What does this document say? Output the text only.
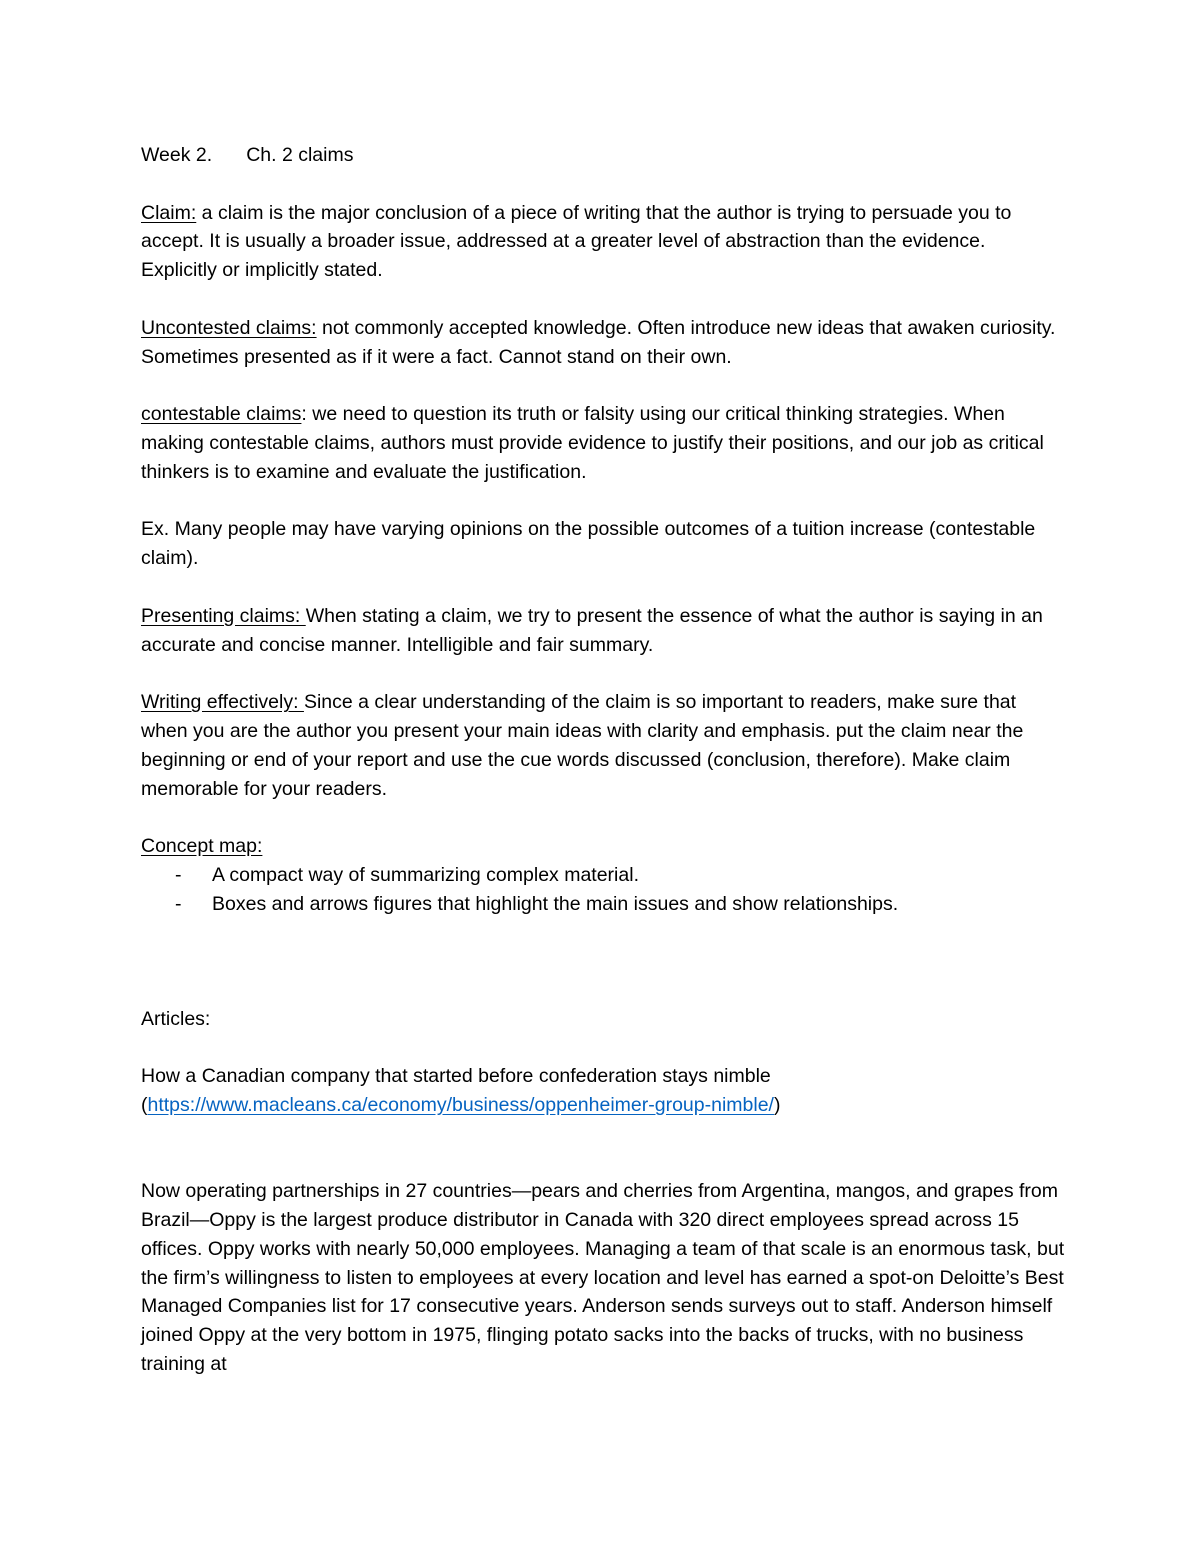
Week 2. Ch. 2 claims

Claim: a claim is the major conclusion of a piece of writing that the author is trying to persuade you to accept. It is usually a broader issue, addressed at a greater level of abstraction than the evidence. Explicitly or implicitly stated.

Uncontested claims: not commonly accepted knowledge. Often introduce new ideas that awaken curiosity. Sometimes presented as if it were a fact. Cannot stand on their own.

contestable claims: we need to question its truth or falsity using our critical thinking strategies. When making contestable claims, authors must provide evidence to justify their positions, and our job as critical thinkers is to examine and evaluate the justification.

Ex. Many people may have varying opinions on the possible outcomes of a tuition increase (contestable claim).

Presenting claims: When stating a claim, we try to present the essence of what the author is saying in an accurate and concise manner. Intelligible and fair summary.

Writing effectively: Since a clear understanding of the claim is so important to readers, make sure that when you are the author you present your main ideas with clarity and emphasis. put the claim near the beginning or end of your report and use the cue words discussed (conclusion, therefore). Make claim memorable for your readers.

Concept map:

- A compact way of summarizing complex material.
- Boxes and arrows figures that highlight the main issues and show relationships.

Articles:

How a Canadian company that started before confederation stays nimble
(https://www.macleans.ca/economy/business/oppenheimer-group-nimble/)

Now operating partnerships in 27 countries—pears and cherries from Argentina, mangos, and grapes from Brazil—Oppy is the largest produce distributor in Canada with 320 direct employees spread across 15 offices. Oppy works with nearly 50,000 employees. Managing a team of that scale is an enormous task, but the firm’s willingness to listen to employees at every location and level has earned a spot-on Deloitte’s Best Managed Companies list for 17 consecutive years. Anderson sends surveys out to staff. Anderson himself joined Oppy at the very bottom in 1975, flinging potato sacks into the backs of trucks, with no business training at
